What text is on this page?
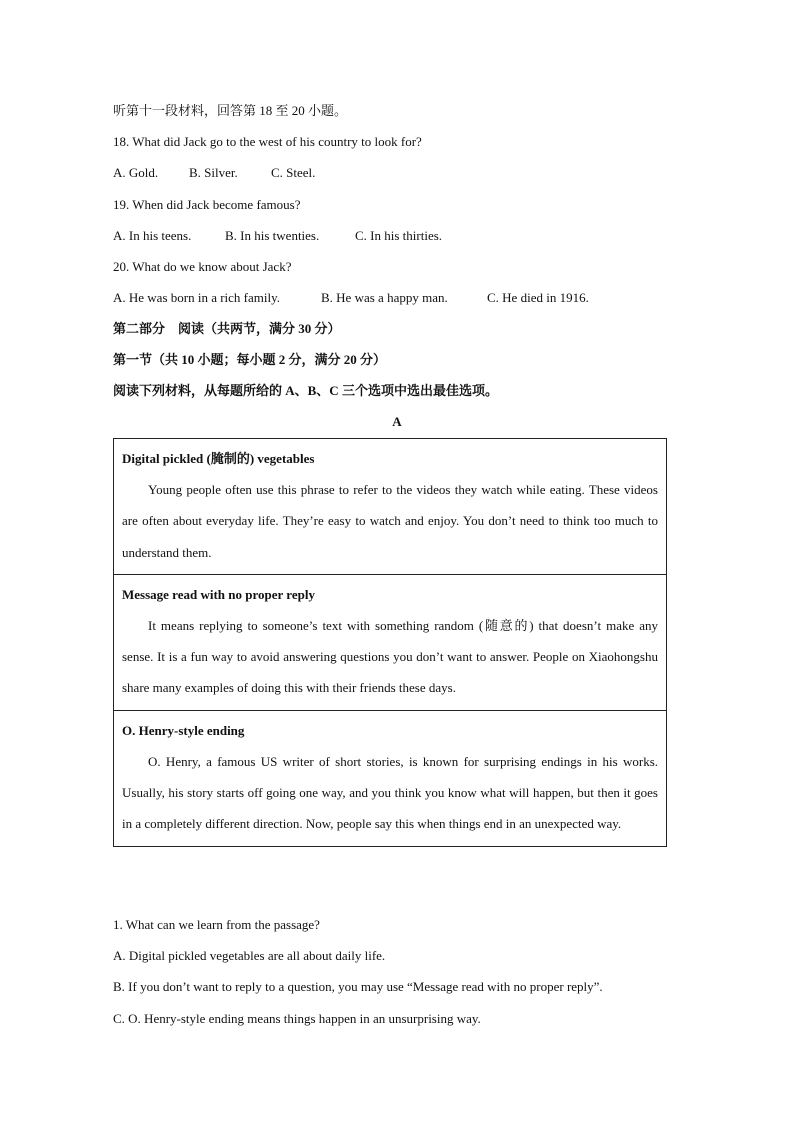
听第十一段材料，回答第 18 至 20 小题。
18. What did Jack go to the west of his country to look for?
A. Gold. B. Silver.	C. Steel.
19. When did Jack become famous?
A. In his teens.	B. In his twenties.	C. In his thirties.
20. What do we know about Jack?
A. He was born in a rich family.	B. He was a happy man.	C. He died in 1916.
第二部分　阅读（共两节，满分 30 分）
第一节（共 10 小题；每小题 2 分，满分 20 分）
阅读下列材料，从每题所给的 A、B、C 三个选项中选出最佳选项。
A
Digital pickled (腌制的) vegetables
Young people often use this phrase to refer to the videos they watch while eating. These videos are often about everyday life. They’re easy to watch and enjoy. You don’t need to think too much to understand them.
Message read with no proper reply
It means replying to someone’s text with something random (随意的) that doesn’t make any sense. It is a fun way to avoid answering questions you don’t want to answer. People on Xiaohongshu share many examples of doing this with their friends these days.
O. Henry-style ending
O. Henry, a famous US writer of short stories, is known for surprising endings in his works. Usually, his story starts off going one way, and you think you know what will happen, but then it goes in a completely different direction. Now, people say this when things end in an unexpected way.
1. What can we learn from the passage?
A. Digital pickled vegetables are all about daily life.
B. If you don’t want to reply to a question, you may use “Message read with no proper reply”.
C. O. Henry-style ending means things happen in an unsurprising way.
